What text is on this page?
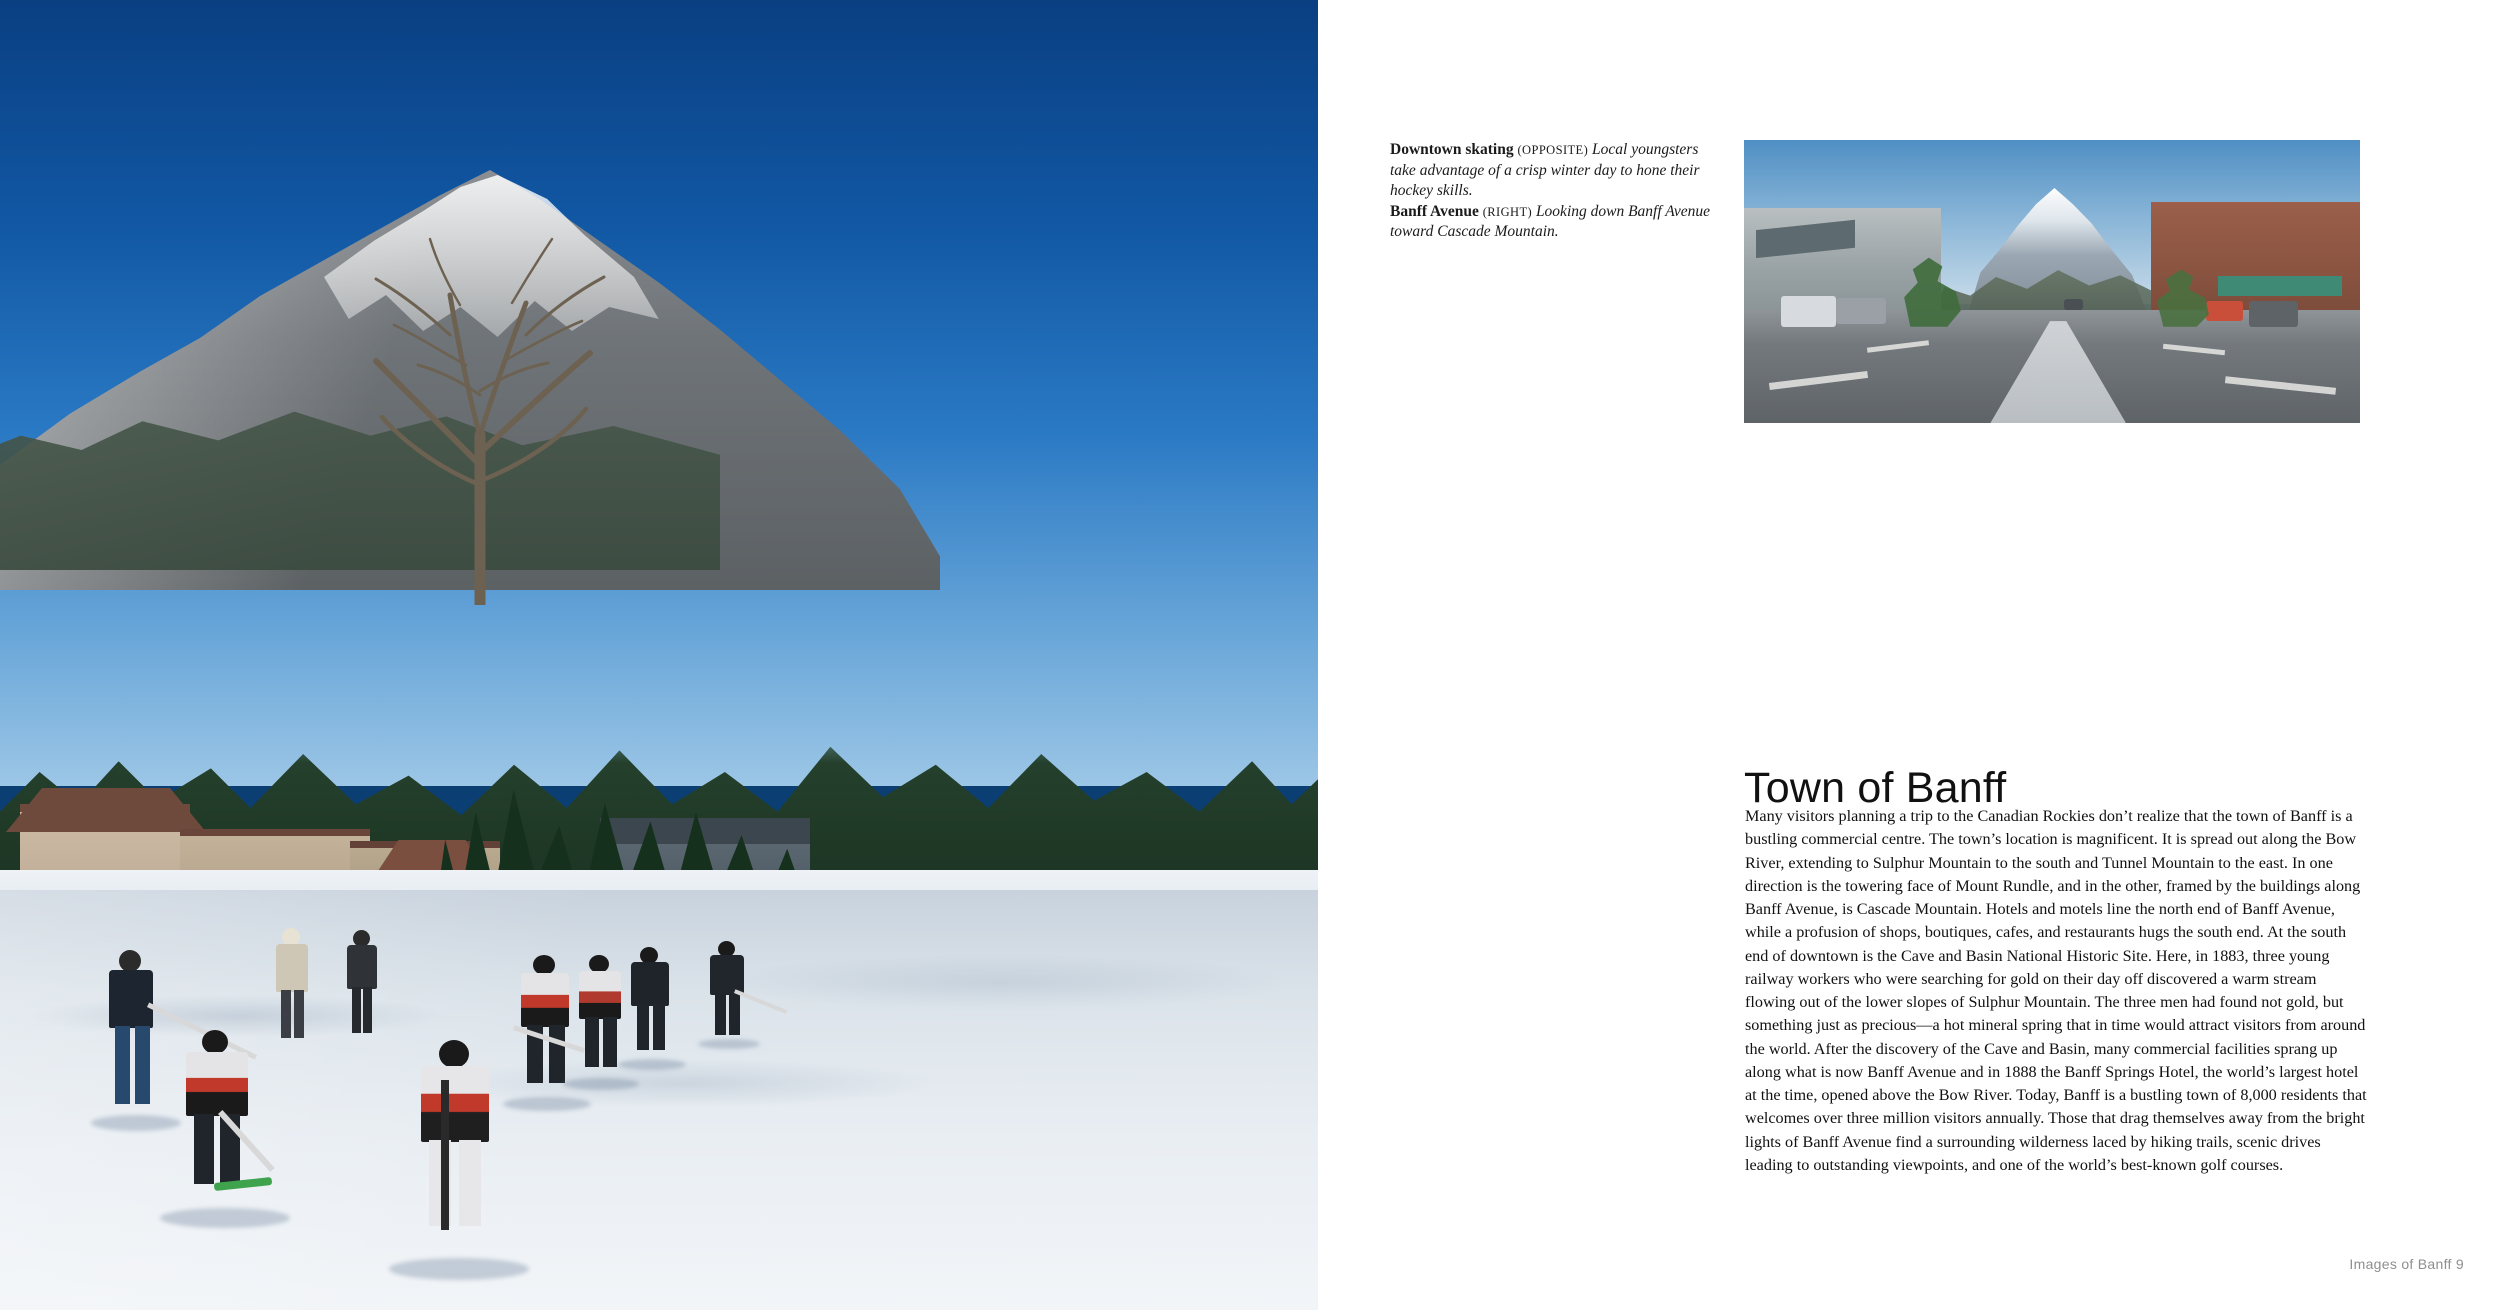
Downtown skating (OPPOSITE) Local youngsters take advantage of a crisp winter day to hone their hockey skills.

Banff Avenue (RIGHT) Looking down Banff Avenue toward Cascade Mountain.

Town of Banff

Many visitors planning a trip to the Canadian Rockies don’t realize that the town of Banff is a bustling commercial centre. The town’s location is magnificent. It is spread out along the Bow River, extending to Sulphur Mountain to the south and Tunnel Mountain to the east. In one direction is the towering face of Mount Rundle, and in the other, framed by the buildings along Banff Avenue, is Cascade Mountain. Hotels and motels line the north end of Banff Avenue, while a profusion of shops, boutiques, cafes, and restaurants hugs the south end. At the south end of downtown is the Cave and Basin National Historic Site. Here, in 1883, three young railway workers who were searching for gold on their day off discovered a warm stream flowing out of the lower slopes of Sulphur Mountain. The three men had found not gold, but something just as precious—a hot mineral spring that in time would attract visitors from around the world. After the discovery of the Cave and Basin, many commercial facilities sprang up along what is now Banff Avenue and in 1888 the Banff Springs Hotel, the world’s largest hotel at the time, opened above the Bow River. Today, Banff is a bustling town of 8,000 residents that welcomes over three million visitors annually. Those that drag themselves away from the bright lights of Banff Avenue find a surrounding wilderness laced by hiking trails, scenic drives leading to outstanding viewpoints, and one of the world’s best-known golf courses.

Images of Banff 9
